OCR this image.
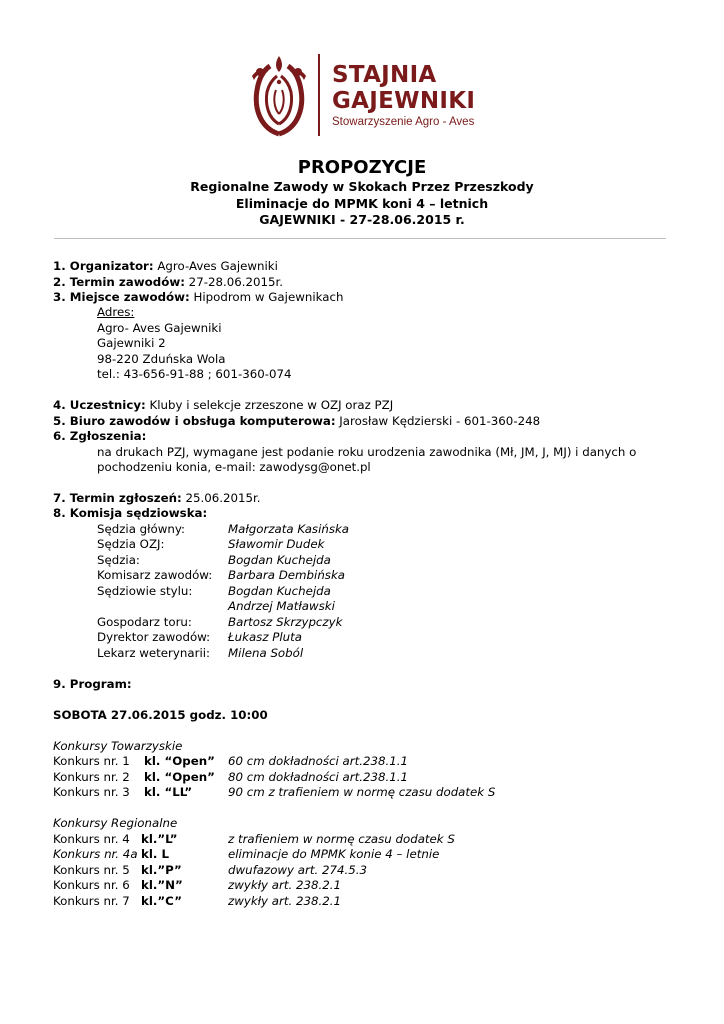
STAJNIA
GAJEWNIKI
Stowarzyszenie Agro - Aves
PROPOZYCJE
Regionalne Zawody w Skokach Przez Przeszkody
Eliminacje do MPMK koni 4 – letnich
GAJEWNIKI - 27-28.06.2015 r.
1. Organizator: Agro-Aves Gajewniki
2. Termin zawodów: 27-28.06.2015r.
3. Miejsce zawodów: Hipodrom w Gajewnikach
Adres:
Agro- Aves Gajewniki
Gajewniki 2
98-220 Zduńska Wola
tel.: 43-656-91-88 ; 601-360-074
4. Uczestnicy: Kluby i selekcje zrzeszone w OZJ oraz PZJ
5. Biuro zawodów i obsługa komputerowa: Jarosław Kędzierski - 601-360-248
6. Zgłoszenia:
na drukach PZJ, wymagane jest podanie roku urodzenia zawodnika (Mł, JM, J, MJ) i danych o
pochodzeniu konia, e-mail: zawodysg@onet.pl
7. Termin zgłoszeń: 25.06.2015r.
8. Komisja sędziowska:
Sędzia główny:	Małgorzata Kasińska
Sędzia OZJ:	Sławomir Dudek
Sędzia:	Bogdan Kuchejda
Komisarz zawodów: Barbara Dembińska
Sędziowie stylu:	Bogdan Kuchejda
Andrzej Matławski
Gospodarz toru:	Bartosz Skrzypczyk
Dyrektor zawodów: Łukasz Pluta
Lekarz weterynarii: Milena Soból
9. Program:
SOBOTA 27.06.2015 godz. 10:00
Konkursy Towarzyskie
Konkurs nr. 1 kl. “Open” 60 cm dokładności art.238.1.1
Konkurs nr. 2 kl. “Open” 80 cm dokładności art.238.1.1
Konkurs nr. 3 kl. “LL”	90 cm z trafieniem w normę czasu dodatek S
Konkursy Regionalne
Konkurs nr. 4 kl.”L”	z trafieniem w normę czasu dodatek S
Konkurs nr. 4a kl. L	eliminacje do MPMK konie 4 – letnie
Konkurs nr. 5 kl.”P”	dwufazowy art. 274.5.3
Konkurs nr. 6 kl.”N”	zwykły art. 238.2.1
Konkurs nr. 7 kl.”C”	zwykły art. 238.2.1
